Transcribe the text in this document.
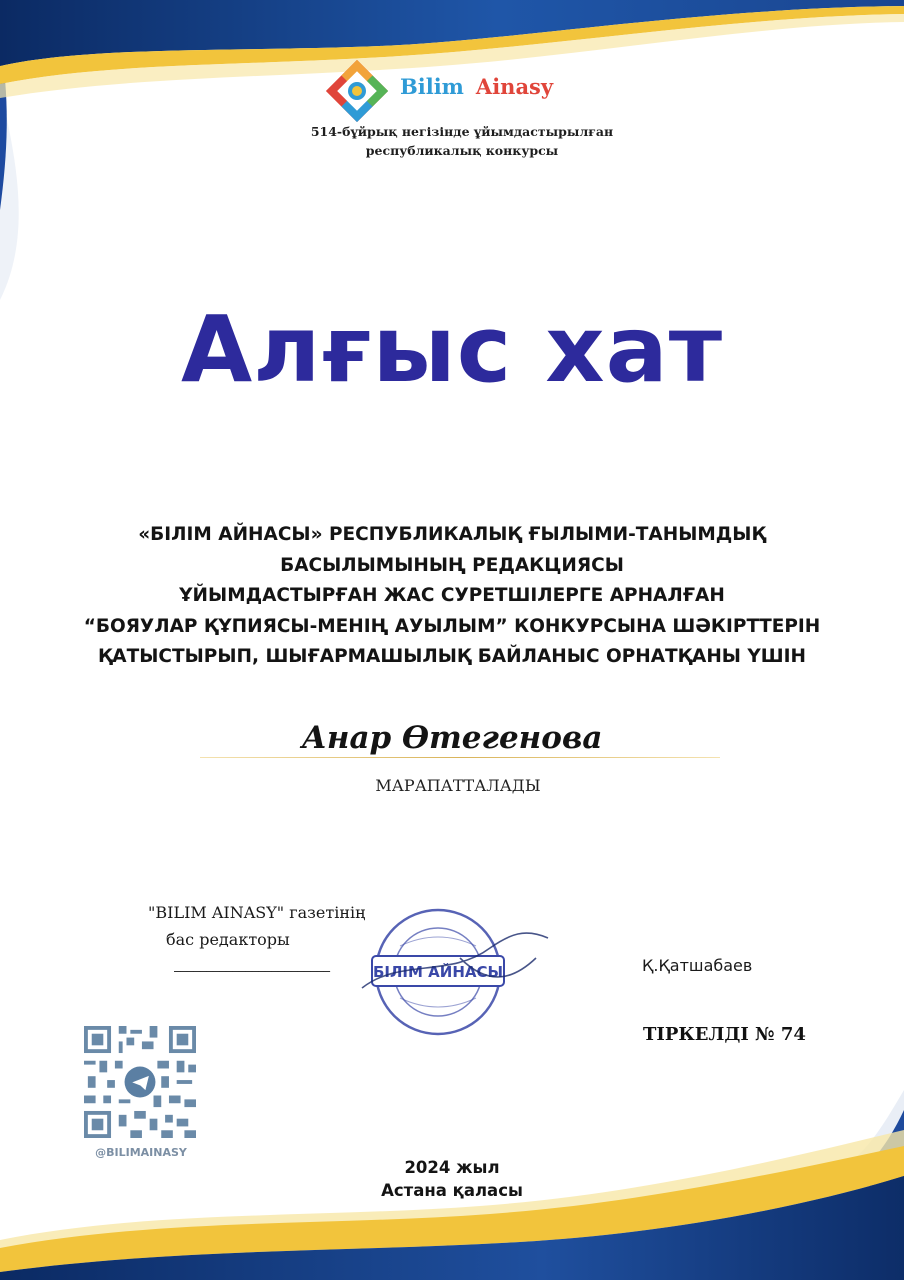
Bilim Ainasy
514-бұйрық негізінде ұйымдастырылған
республикалық конкурсы
Алғыс хат
«БІЛІМ АЙНАСЫ» РЕСПУБЛИКАЛЫҚ ҒЫЛЫМИ-ТАНЫМДЫҚ
БАСЫЛЫМЫНЫҢ РЕДАКЦИЯСЫ
ҰЙЫМДАСТЫРҒАН ЖАС СУРЕТШІЛЕРГЕ АРНАЛҒАН
“БОЯУЛАР ҚҰПИЯСЫ-МЕНІҢ АУЫЛЫМ” КОНКУРСЫНА ШӘКІРТТЕРІН
ҚАТЫСТЫРЫП, ШЫҒАРМАШЫЛЫҚ БАЙЛАНЫС ОРНАТҚАНЫ ҮШІН
Анар Өтегенова
МАРАПАТТАЛАДЫ
"BILIM AINASY" газетінің
бас редакторы
________________________	БІЛІМ АЙНАСЫ	Қ.Қатшабаев
ТІРКЕЛДІ № 74
@BILIMAINASY
2024 жыл
Астана қаласы
